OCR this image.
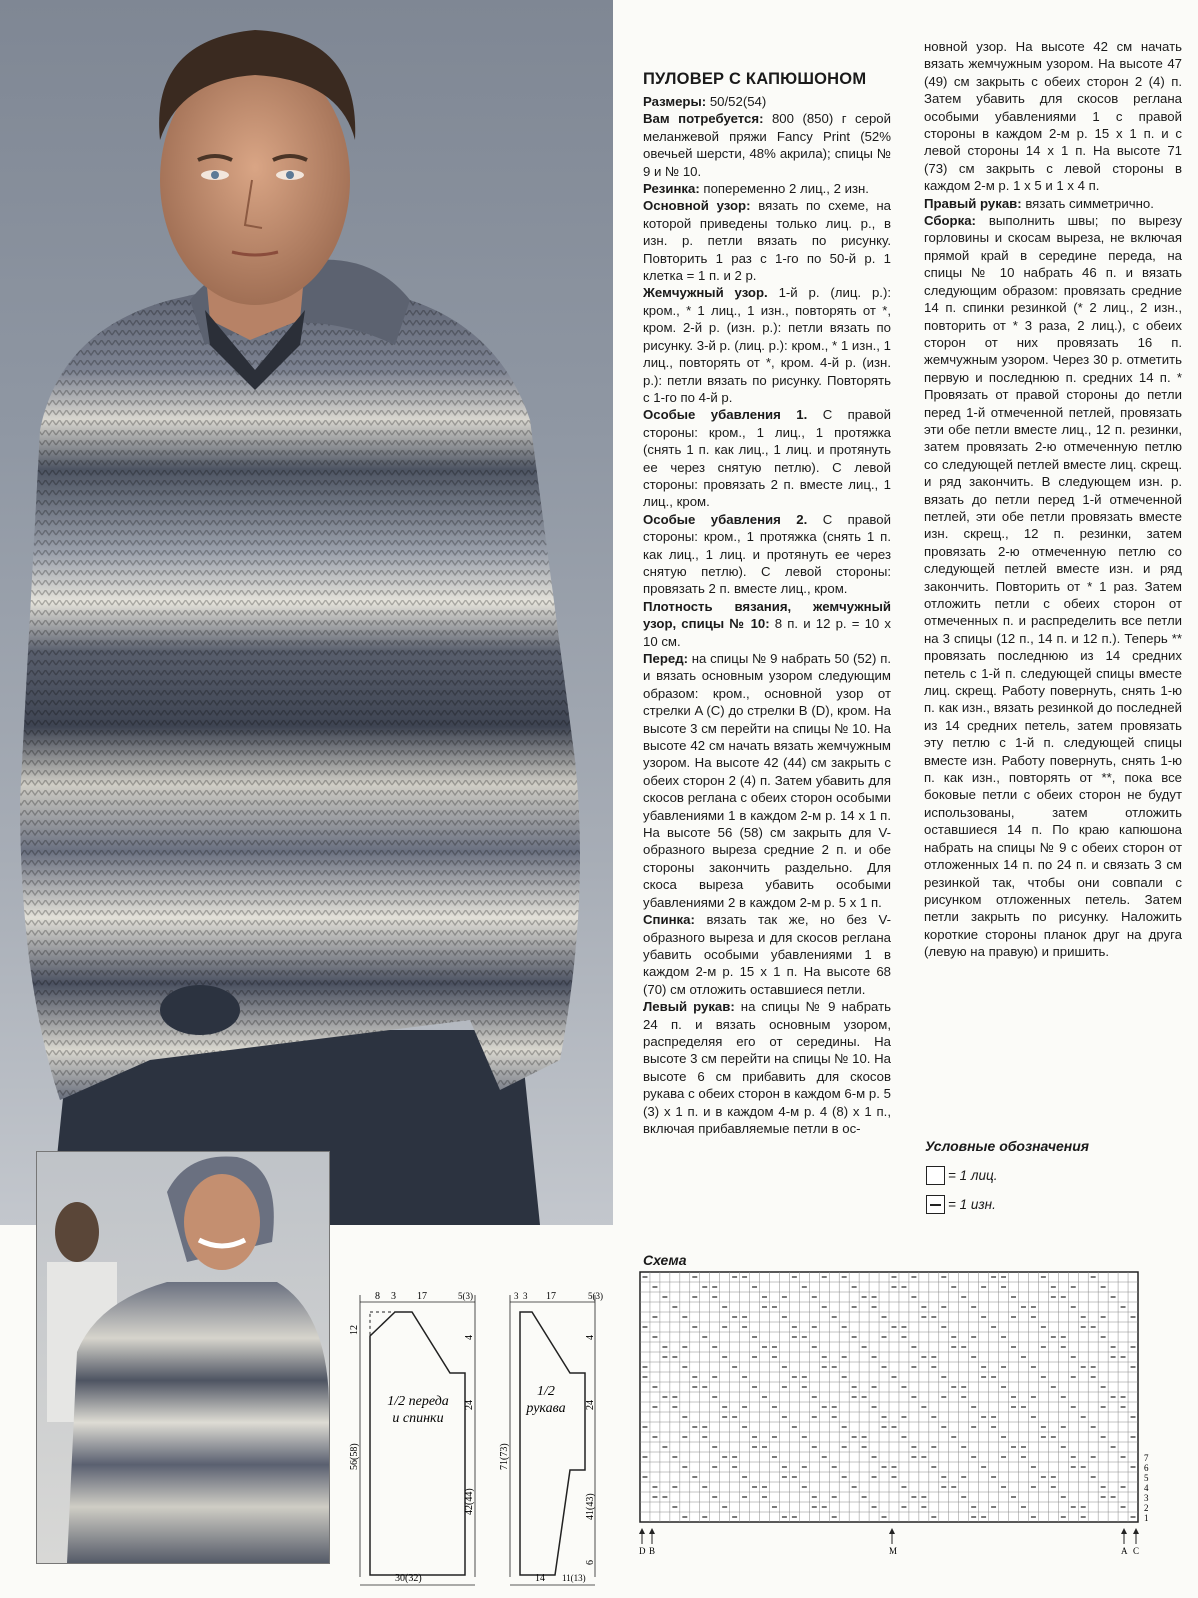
ПУЛОВЕР С КАПЮШОНОМ

Размеры: 50/52(54)

Вам потребуется: 800 (850) г серой меланжевой пряжи Fancy Print (52% овечьей шерсти, 48% акрила); спицы № 9 и № 10.

Резинка: попеременно 2 лиц., 2 изн.

Основной узор: вязать по схеме, на которой приведены только лиц. р., в изн. р. петли вязать по рисунку. Повторить 1 раз с 1-го по 50-й р. 1 клетка = 1 п. и 2 р.

Жемчужный узор. 1-й р. (лиц. р.): кром., * 1 лиц., 1 изн., повторять от *, кром. 2-й р. (изн. р.): петли вязать по рисунку. 3-й р. (лиц. р.): кром., * 1 изн., 1 лиц., повторять от *, кром. 4-й р. (изн. р.): петли вязать по рисунку. Повторять с 1-го по 4-й р.

Особые убавления 1. С правой стороны: кром., 1 лиц., 1 протяжка (снять 1 п. как лиц., 1 лиц. и протянуть ее через снятую петлю). С левой стороны: провязать 2 п. вместе лиц., 1 лиц., кром.

Особые убавления 2. С правой стороны: кром., 1 протяжка (снять 1 п. как лиц., 1 лиц. и протянуть ее через снятую петлю). С левой стороны: провязать 2 п. вместе лиц., кром.

Плотность вязания, жемчужный узор, спицы № 10: 8 п. и 12 р. = 10 x 10 см.

Перед: на спицы № 9 набрать 50 (52) п. и вязать основным узором следующим образом: кром., основной узор от стрелки A (C) до стрелки B (D), кром. На высоте 3 см перейти на спицы № 10. На высоте 42 см начать вязать жемчужным узором. На высоте 42 (44) см закрыть с обеих сторон 2 (4) п. Затем убавить для скосов реглана с обеих сторон особыми убавлениями 1 в каждом 2-м р. 14 x 1 п. На высоте 56 (58) см закрыть для V-образного выреза средние 2 п. и обе стороны закончить раздельно. Для скоса выреза убавить особыми убавлениями 2 в каждом 2-м р. 5 x 1 п.

Спинка: вязать так же, но без V-образного выреза и для скосов реглана убавить особыми убавлениями 1 в каждом 2-м р. 15 x 1 п. На высоте 68 (70) см отложить оставшиеся петли.

Левый рукав: на спицы № 9 набрать 24 п. и вязать основным узором, распределяя его от середины. На высоте 3 см перейти на спицы № 10. На высоте 6 см прибавить для скосов рукава с обеих сторон в каждом 6-м р. 5 (3) x 1 п. и в каждом 4-м р. 4 (8) x 1 п., включая прибавляемые петли в ос-

новной узор. На высоте 42 см начать вязать жемчужным узором. На высоте 47 (49) см закрыть с обеих сторон 2 (4) п. Затем убавить для скосов реглана особыми убавлениями 1 с правой стороны в каждом 2-м р. 15 x 1 п. и с левой стороны 14 x 1 п. На высоте 71 (73) см закрыть с левой стороны в каждом 2-м р. 1 x 5 и 1 x 4 п.

Правый рукав: вязать симметрично.

Сборка: выполнить швы; по вырезу горловины и скосам выреза, не включая прямой край в середине переда, на спицы № 10 набрать 46 п. и вязать следующим образом: провязать средние 14 п. спинки резинкой (* 2 лиц., 2 изн., повторить от * 3 раза, 2 лиц.), с обеих сторон от них провязать 16 п. жемчужным узором. Через 30 р. отметить первую и последнюю п. средних 14 п. * Провязать от правой стороны до петли перед 1-й отмеченной петлей, провязать эти обе петли вместе лиц., 12 п. резинки, затем провязать 2-ю отмеченную петлю со следующей петлей вместе лиц. скрещ. и ряд закончить. В следующем изн. р. вязать до петли перед 1-й отмеченной петлей, эти обе петли провязать вместе изн. скрещ., 12 п. резинки, затем провязать 2-ю отмеченную петлю со следующей петлей вместе изн. и ряд закончить. Повторить от * 1 раз. Затем отложить петли с обеих сторон от отмеченных п. и распределить все петли на 3 спицы (12 п., 14 п. и 12 п.). Теперь ** провязать последнюю из 14 средних петель с 1-й п. следующей спицы вместе лиц. скрещ. Работу повернуть, снять 1-ю п. как изн., вязать резинкой до последней из 14 средних петель, затем провязать эту петлю с 1-й п. следующей спицы вместе изн. Работу повернуть, снять 1-ю п. как изн., повторять от **, пока все боковые петли с обеих сторон не будут использованы, затем отложить оставшиеся 14 п. По краю капюшона набрать на спицы № 9 с обеих сторон от отложенных 14 п. по 24 п. и связать 3 см резинкой так, чтобы они совпали с рисунком отложенных петель. Затем петли закрыть по рисунку. Наложить короткие стороны планок друг на друга (левую на правую) и пришить.

Условные обозначения
= 1 лиц.
= 1 изн.
8 3 17	5(3)
4
24
42(44)
12
56(58)
30(32)
1/2 переда
и спинки
3 3 17	5(3)
4
24
41(43)
6
71(73)
14 11(13)
1/2
рукава
Схема
7
6
5
4
3
2
1
D B	M	A C
